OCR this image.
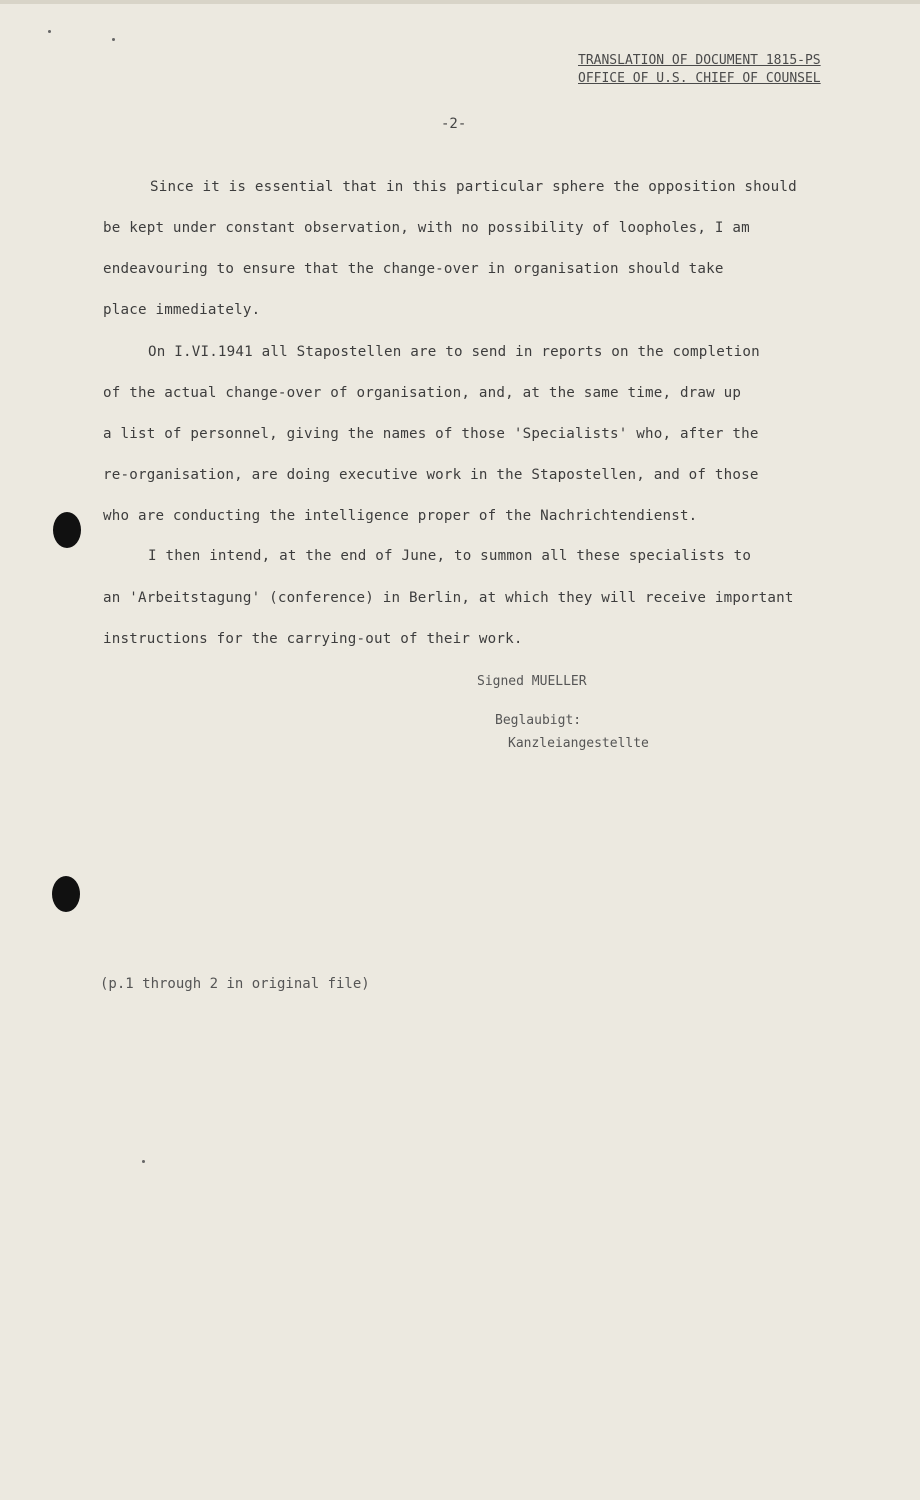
TRANSLATION OF DOCUMENT 1815-PS
OFFICE OF U.S. CHIEF OF COUNSEL
-2-
Since it is essential that in this particular sphere the opposition should
be kept under constant observation, with no possibility of loopholes, I am
endeavouring to ensure that the change-over in organisation should take
place immediately.
On I.VI.1941 all Stapostellen are to send in reports on the completion
of the actual change-over of organisation, and, at the same time, draw up
a list of personnel, giving the names of those 'Specialists' who, after the
re-organisation, are doing executive work in the Stapostellen, and of those
who are conducting the intelligence proper of the Nachrichtendienst.
I then intend, at the end of June, to summon all these specialists to
an 'Arbeitstagung' (conference) in Berlin, at which they will receive important
instructions for the carrying-out of their work.
Signed MUELLER
Beglaubigt:
Kanzleiangestellte
(p.1 through 2 in original file)
